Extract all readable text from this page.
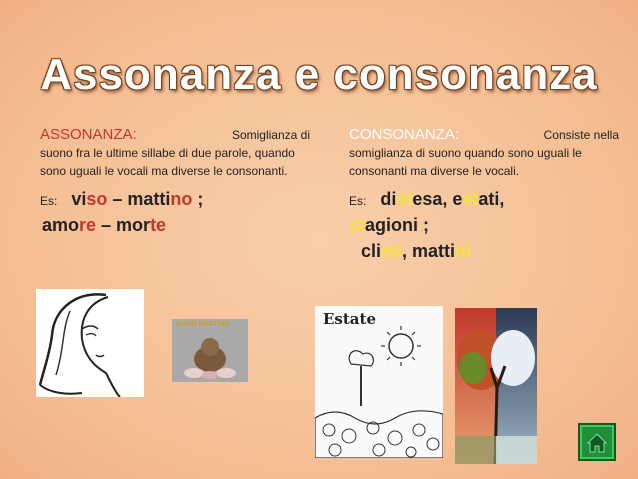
Assonanza e consonanza
ASSONANZA:	Somiglianza di
suono fra le ultime sillabe di due parole, quando sono uguali le vocali ma diverse le consonanti.
Es: viso – mattino ;
amore – morte
CONSONANZA:	Consiste nella
somiglianza di suono quando sono uguali le consonanti ma diverse le vocali.
Es: distesa, estati,
stagioni ;
climi, mattini
BUON MATTINO	Estate
